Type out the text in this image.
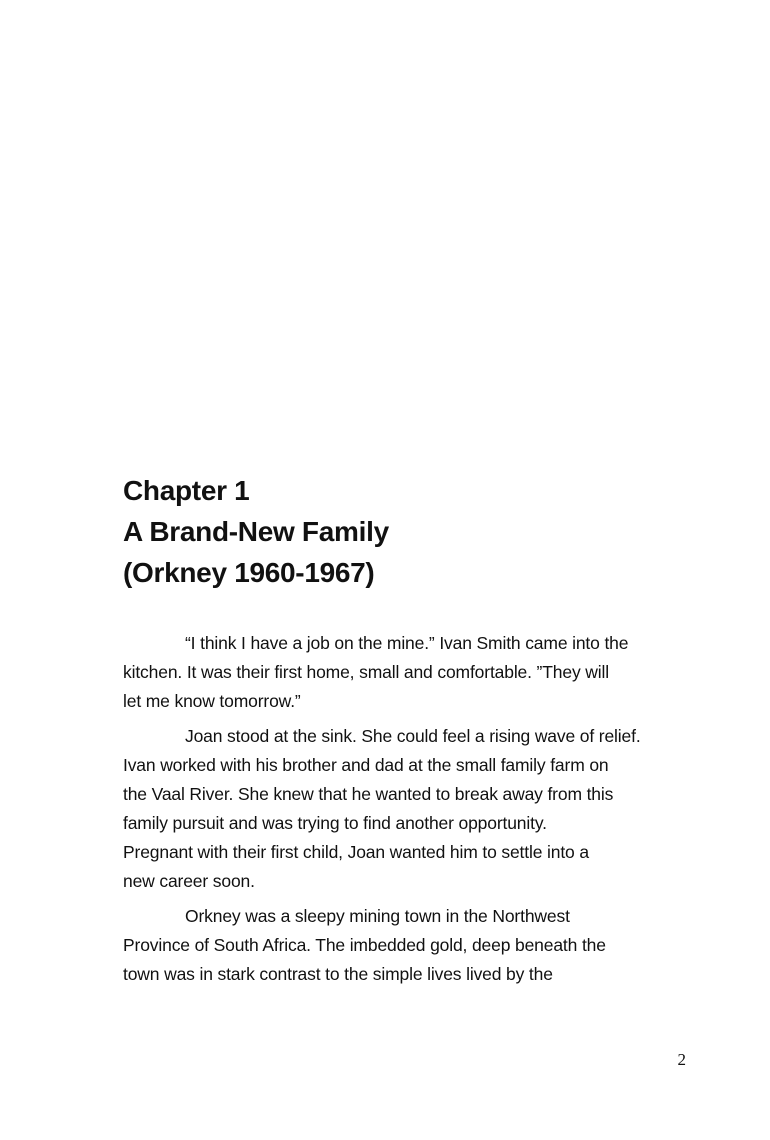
Chapter 1
A Brand-New Family
(Orkney 1960-1967)
“I think I have a job on the mine.” Ivan Smith came into the
kitchen. It was their first home, small and comfortable. ”They will
let me know tomorrow.”
Joan stood at the sink. She could feel a rising wave of relief.
Ivan worked with his brother and dad at the small family farm on
the Vaal River. She knew that he wanted to break away from this
family pursuit and was trying to find another opportunity.
Pregnant with their first child, Joan wanted him to settle into a
new career soon.
Orkney was a sleepy mining town in the Northwest
Province of South Africa. The imbedded gold, deep beneath the
town was in stark contrast to the simple lives lived by the
2
